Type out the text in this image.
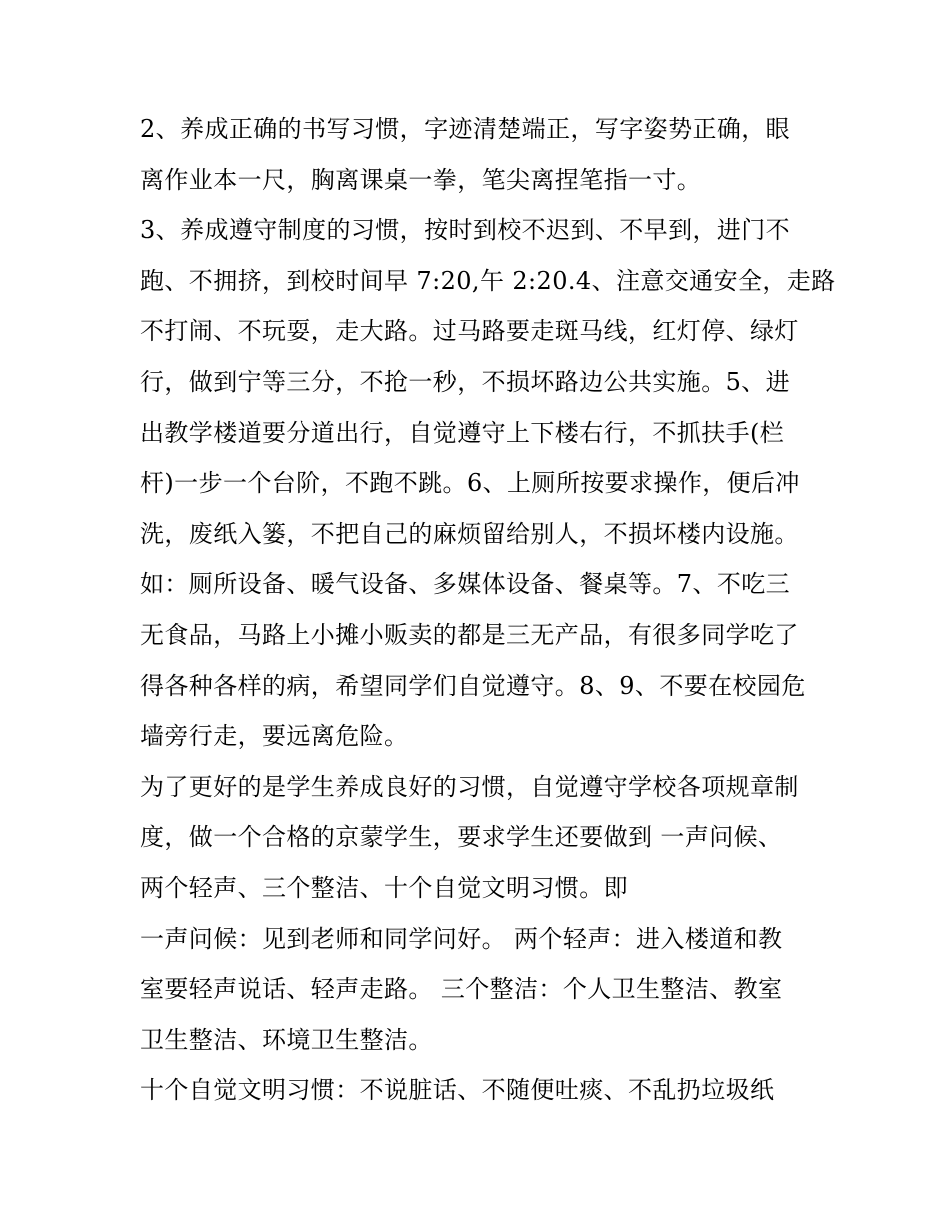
2、养成正确的书写习惯，字迹清楚端正，写字姿势正确，眼
离作业本一尺，胸离课桌一拳，笔尖离捏笔指一寸。
3、养成遵守制度的习惯，按时到校不迟到、不早到，进门不
跑、不拥挤，到校时间早 7:20,午 2:20.4、注意交通安全，走路
不打闹、不玩耍，走大路。过马路要走斑马线，红灯停、绿灯
行，做到宁等三分，不抢一秒，不损坏路边公共实施。5、进
出教学楼道要分道出行，自觉遵守上下楼右行，不抓扶手(栏
杆)一步一个台阶，不跑不跳。6、上厕所按要求操作，便后冲
洗，废纸入篓，不把自己的麻烦留给别人，不损坏楼内设施。
如：厕所设备、暖气设备、多媒体设备、餐桌等。7、不吃三
无食品，马路上小摊小贩卖的都是三无产品，有很多同学吃了
得各种各样的病，希望同学们自觉遵守。8、9、不要在校园危
墙旁行走，要远离危险。
为了更好的是学生养成良好的习惯，自觉遵守学校各项规章制
度，做一个合格的京蒙学生，要求学生还要做到 一声问候、
两个轻声、三个整洁、十个自觉文明习惯。即
一声问候：见到老师和同学问好。 两个轻声：进入楼道和教
室要轻声说话、轻声走路。 三个整洁：个人卫生整洁、教室
卫生整洁、环境卫生整洁。
十个自觉文明习惯：不说脏话、不随便吐痰、不乱扔垃圾纸
